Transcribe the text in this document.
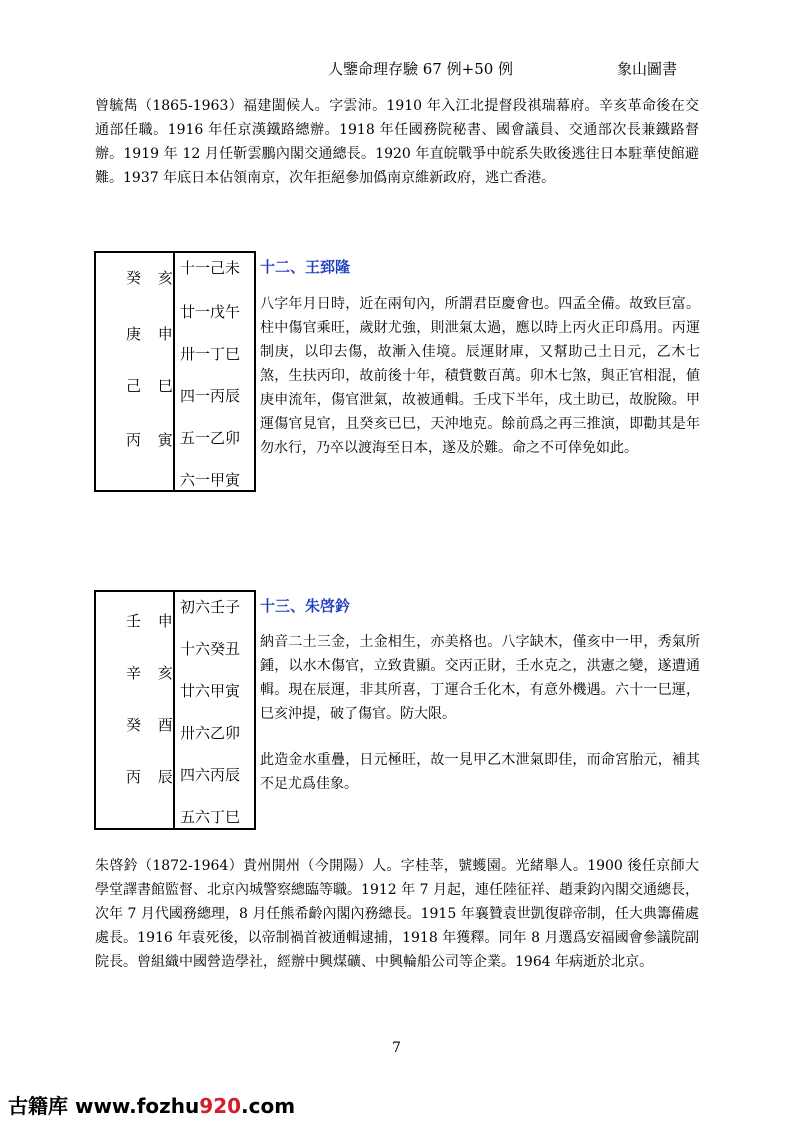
人鑒命理存驗 67 例+50 例	象山圖書
曾毓雋（1865-1963）福建閩候人。字雲沛。1910 年入江北提督段祺瑞幕府。辛亥革命後在交通部任職。1916 年任京漢鐵路總辦。1918 年任國務院秘書、國會議員、交通部次長兼鐵路督辦。1919 年 12 月任靳雲鵬內閣交通總長。1920 年直皖戰爭中皖系失敗後逃往日本駐華使館避難。1937 年底日本佔領南京，次年拒絕參加僞南京維新政府，逃亡香港。
癸 亥
庚 申
己 巳
丙 寅
十一己未
廿一戊午
卅一丁巳
四一丙辰
五一乙卯
六一甲寅
十二、王郅隆
八字年月日時，近在兩旬內，所謂君臣慶會也。四孟全備。故致巨富。柱中傷官乘旺，歲財尤強，則泄氣太過，應以時上丙火正印爲用。丙運制庚，以印去傷，故漸入佳境。辰運財庫，又幫助己土日元，乙木七煞，生扶丙印，故前後十年，積貲數百萬。卯木七煞，與正官相混，値庚申流年，傷官泄氣，故被通輯。壬戌下半年，戌土助已，故脫險。甲運傷官見官，且癸亥已巳，天沖地克。餘前爲之再三推演，即勸其是年勿水行，乃卒以渡海至日本，遂及於難。命之不可倖免如此。
壬 申
辛 亥
癸 酉
丙 辰
初六壬子
十六癸丑
廿六甲寅
卅六乙卯
四六丙辰
五六丁巳
十三、朱啓鈐
納音二土三金，土金相生，亦美格也。八字缺木，僅亥中一甲，秀氣所鍾，以水木傷官，立致貴顯。交丙正財，壬水克之，洪憲之變，遂遭通輯。現在辰運，非其所喜，丁運合壬化木，有意外機遇。六十一巳運，巳亥沖提，破了傷官。防大限。
此造金水重疊，日元極旺，故一見甲乙木泄氣即佳，而命宮胎元，補其不足尤爲佳象。
朱啓鈐（1872-1964）貴州開州（今開陽）人。字桂莘，號蠖園。光緒舉人。1900 後任京師大學堂譯書館監督、北京內城警察總臨等職。1912 年 7 月起，連任陸征祥、趙秉鈞內閣交通總長，次年 7 月代國務總理，8 月任熊希齡內閣內務總長。1915 年襄贊袁世凱復辟帝制，任大典籌備處處長。1916 年袁死後，以帝制禍首被通輯逮捕，1918 年獲釋。同年 8 月選爲安福國會參議院副院長。曾組織中國營造學社，經辦中興煤礦、中興輪船公司等企業。1964 年病逝於北京。
7
古籍库 www.fozhu920.com
